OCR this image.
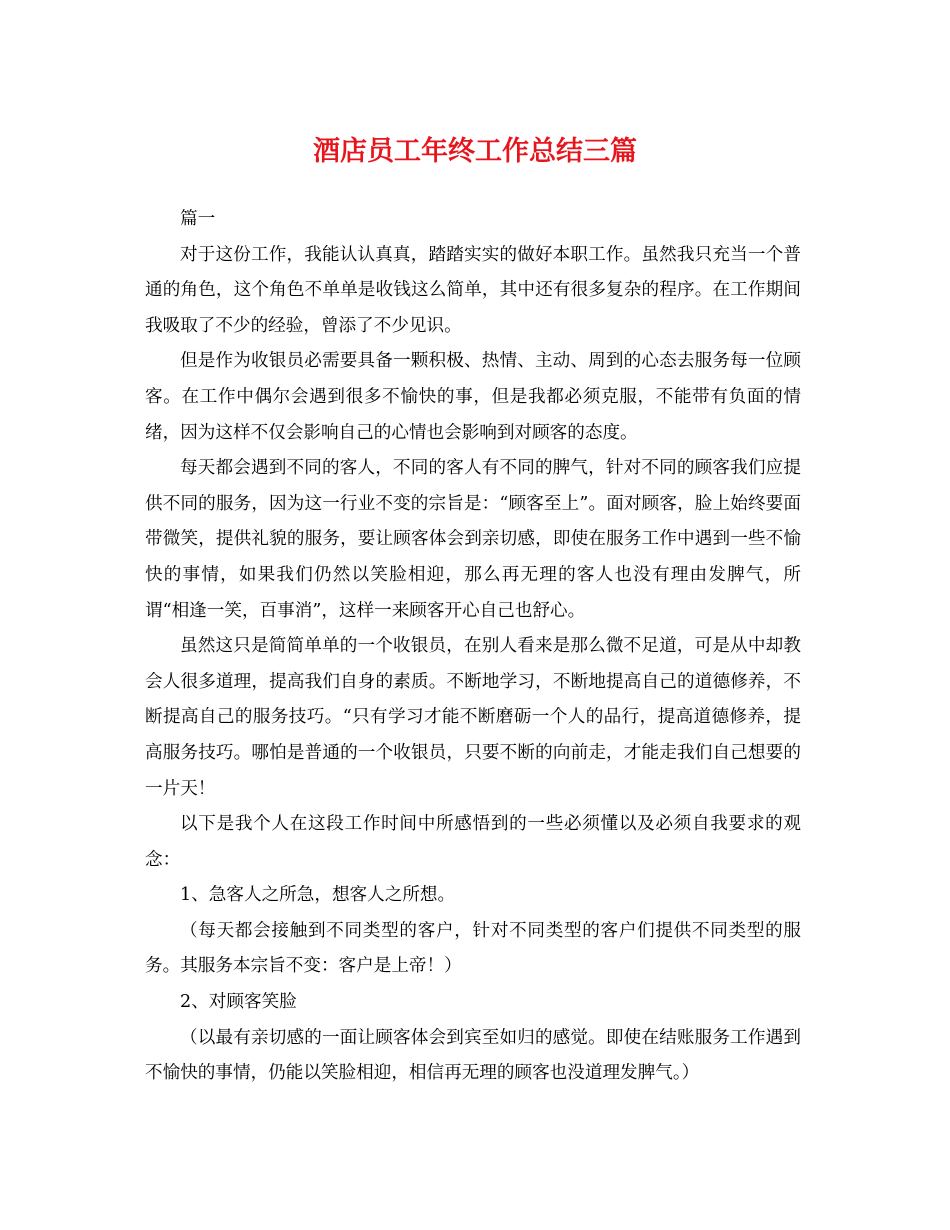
酒店员工年终工作总结三篇

篇一

对于这份工作，我能认认真真，踏踏实实的做好本职工作。虽然我只充当一个普通的角色，这个角色不单单是收钱这么简单，其中还有很多复杂的程序。在工作期间我吸取了不少的经验，曾添了不少见识。

但是作为收银员必需要具备一颗积极、热情、主动、周到的心态去服务每一位顾客。在工作中偶尔会遇到很多不愉快的事，但是我都必须克服，不能带有负面的情绪，因为这样不仅会影响自己的心情也会影响到对顾客的态度。

每天都会遇到不同的客人，不同的客人有不同的脾气，针对不同的顾客我们应提供不同的服务，因为这一行业不变的宗旨是：“顾客至上”。面对顾客，脸上始终要面带微笑，提供礼貌的服务，要让顾客体会到亲切感，即使在服务工作中遇到一些不愉快的事情，如果我们仍然以笑脸相迎，那么再无理的客人也没有理由发脾气，所谓“相逢一笑，百事消”，这样一来顾客开心自己也舒心。

虽然这只是简简单单的一个收银员，在别人看来是那么微不足道，可是从中却教会人很多道理，提高我们自身的素质。不断地学习，不断地提高自己的道德修养，不断提高自己的服务技巧。“只有学习才能不断磨砺一个人的品行，提高道德修养，提高服务技巧。哪怕是普通的一个收银员，只要不断的向前走，才能走我们自己想要的一片天！

以下是我个人在这段工作时间中所感悟到的一些必须懂以及必须自我要求的观念：

1、急客人之所急，想客人之所想。

（每天都会接触到不同类型的客户，针对不同类型的客户们提供不同类型的服务。其服务本宗旨不变：客户是上帝！）

2、对顾客笑脸

（以最有亲切感的一面让顾客体会到宾至如归的感觉。即使在结账服务工作遇到不愉快的事情，仍能以笑脸相迎，相信再无理的顾客也没道理发脾气。）
